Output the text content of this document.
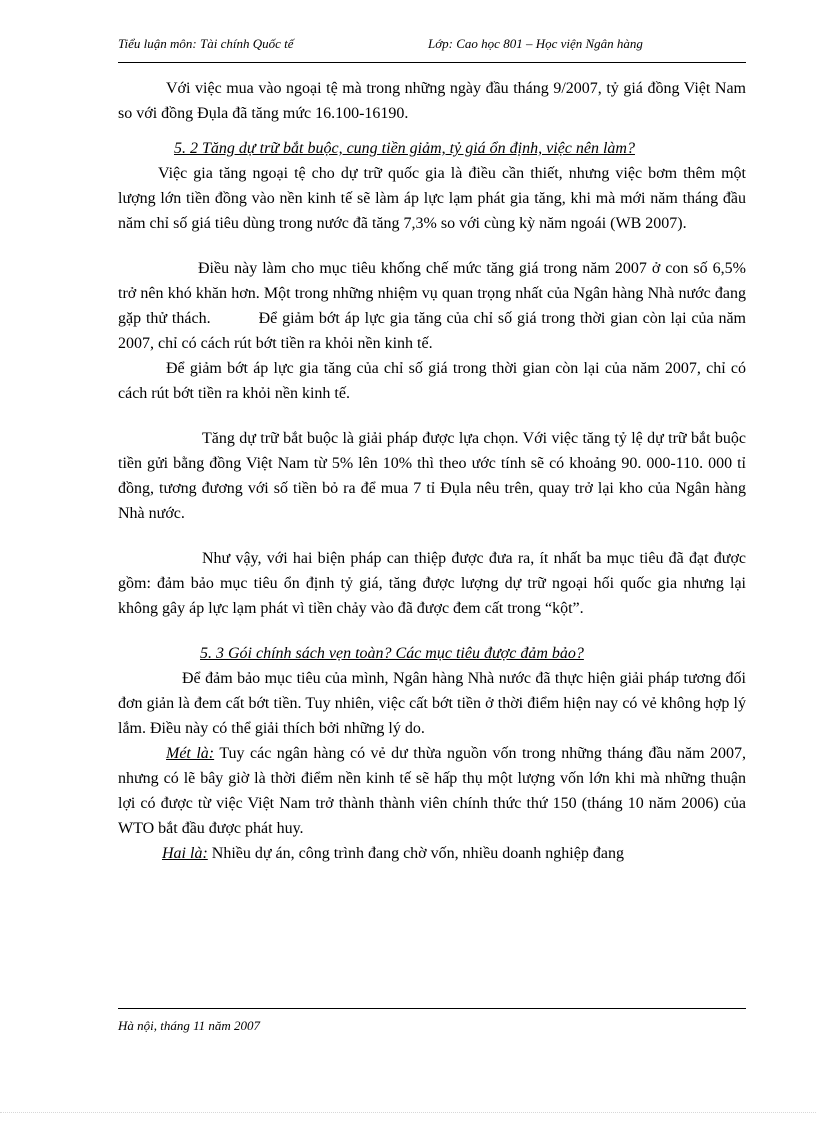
Tiểu luận môn: Tài chính Quốc tế	Lớp: Cao học 801 – Học viện Ngân hàng

Với việc mua vào ngoại tệ mà trong những ngày đầu tháng 9/2007, tỷ giá đồng Việt Nam so với đồng Đụla đã tăng mức 16.100-16190.

5. 2 Tăng dự trữ bắt buộc, cung tiền giảm, tỷ giá ổn định, việc nên làm?

Việc gia tăng ngoại tệ cho dự trữ quốc gia là điều cần thiết, nhưng việc bơm thêm một lượng lớn tiền đồng vào nền kinh tế sẽ làm áp lực lạm phát gia tăng, khi mà mới năm tháng đầu năm chỉ số giá tiêu dùng trong nước đã tăng 7,3% so với cùng kỳ năm ngoái (WB 2007).

Điều này làm cho mục tiêu khống chế mức tăng giá trong năm 2007 ở con số 6,5% trở nên khó khăn hơn. Một trong những nhiệm vụ quan trọng nhất của Ngân hàng Nhà nước đang gặp thử thách.	Để giảm bớt áp lực gia tăng của chỉ số giá trong thời gian còn lại của năm 2007, chỉ có cách rút bớt tiền ra khỏi nền kinh tế.

Để giảm bớt áp lực gia tăng của chỉ số giá trong thời gian còn lại của năm 2007, chỉ có cách rút bớt tiền ra khỏi nền kinh tế.

Tăng dự trữ bắt buộc là giải pháp được lựa chọn. Với việc tăng tỷ lệ dự trữ bắt buộc tiền gửi bằng đồng Việt Nam từ 5% lên 10% thì theo ước tính sẽ có khoảng 90. 000-110. 000 tỉ đồng, tương đương với số tiền bỏ ra để mua 7 tỉ Đụla nêu trên, quay trở lại kho của Ngân hàng Nhà nước.

Như vậy, với hai biện pháp can thiệp được đưa ra, ít nhất ba mục tiêu đã đạt được gồm: đảm bảo mục tiêu ổn định tỷ giá, tăng được lượng dự trữ ngoại hối quốc gia nhưng lại không gây áp lực lạm phát vì tiền chảy vào đã được đem cất trong “kột”.

5. 3 Gói chính sách vẹn toàn? Các mục tiêu được đảm bảo?

Để đảm bảo mục tiêu của mình, Ngân hàng Nhà nước đã thực hiện giải pháp tương đối đơn giản là đem cất bớt tiền. Tuy nhiên, việc cất bớt tiền ở thời điểm hiện nay có vẻ không hợp lý lắm. Điều này có thể giải thích bởi những lý do.

Mét là: Tuy các ngân hàng có vẻ dư thừa nguồn vốn trong những tháng đầu năm 2007, nhưng có lẽ bây giờ là thời điểm nền kinh tế sẽ hấp thụ một lượng vốn lớn khi mà những thuận lợi có được từ việc Việt Nam trở thành thành viên chính thức thứ 150 (tháng 10 năm 2006) của WTO bắt đầu được phát huy.

Hai là: Nhiều dự án, công trình đang chờ vốn, nhiều doanh nghiệp đang

Hà nội, tháng 11 năm 2007
